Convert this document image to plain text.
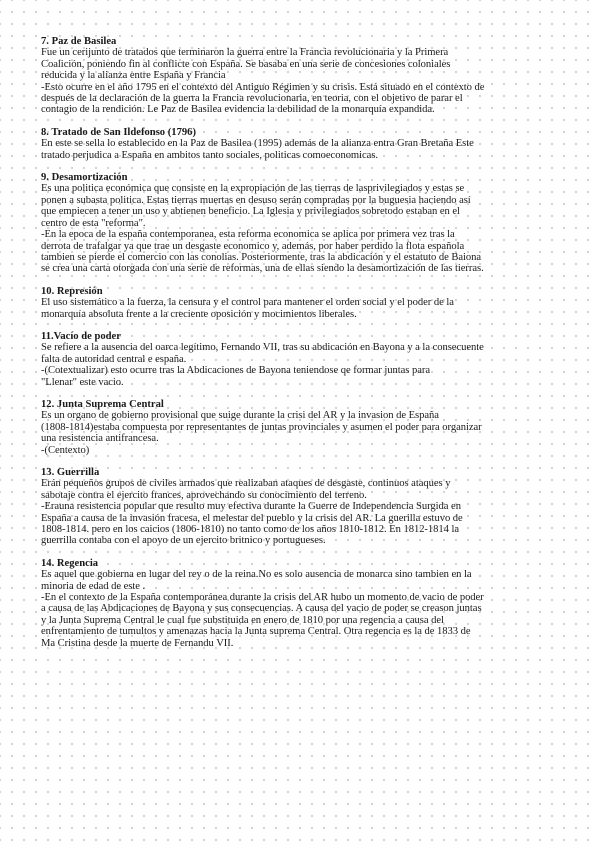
7. Paz de Basilea
Fue un cerijunto de tratados que terminaron la guerra entre la Francia revolucionaria y la Primera
Coalición, poniendo fin al conflicte con España. Se basaba en una serie de concesiones coloniales
reducida y la alianza entre España y Francia
-Esto ocurre en el año 1795 en el contexto del Antiguo Régimen y su crisis. Está situado en el contexto de
después de la declaración de la guerra la Francia revolucionaria, en teoria, con el objetivo de parar el
contagio de la rendición. Le Paz de Basilea evidencia la debilidad de la monarquía expandida.
8. Tratado de San Ildefonso (1796)
En este se sella lo establecido en la Paz de Basilea (1995) además de la alianza entra Gran Bretaña Este
tratado perjudica a España en ambitos tanto sociales, politicas comoeconomicas.
9. Desamortización
Es una politica económica que consiste en la expropiación de las tierras de lasprivilegiados y estas se
ponen a subasta politica. Estas tierras muertas en desuso serán compradas por la buguesia haciendo así
que empiecen a tener un uso y abtienen beneficio. La Iglesia y privilegiados sobretodo estaban en el
centro de esta "reforma".
-En la epoca de la españa contemporanea, esta reforma economica se aplica por primera vez tras la
derrota de trafalgar ya que trae un desgaste economico y, además, por haber perdido la flota española
tambien se pierde el comercio con las conolias. Posteriormente, tras la abdicación y el estatuto de Baiona
se crea una carta otorgada con una serie de reformas, una de ellas siendo la desamortización de las tierras.
10. Represión
El uso sistemático a la fuerza, la censura y el control para mantener el orden social y el poder de la
monarquía absoluta frente a la creciente oposición y mocimientos liberales.
11.Vacío de poder
Se refiere a la ausencia del oarca legítimo, Fernando VII, tras su abdicación en Bayona y a la consecuente
falta de autoridad central e españa.
-(Cotextualizar) esto ocurre tras la Abdicaciones de Bayona teniendose qe formar juntas para
"Llenar" este vacio.
12. Junta Suprema Central
Es un organo de gobierno provisional que suige durante la crisi del AR y la invasion de España
(1808-1814)estaba compuesta por representantes de juntas provinciales y asumen el poder para organizar
una resistencia antifrancesa.
-(Centexto)
13. Guerrilla
Erán pequeños grupos de civiles armados que realizaban ataques de desgaste, continuos ataques y
sabotaje contra el ejercito frances, aprovechando su conocimiento del terreno.
-Erauna resistencia popular que resulto muy efectiva durante la Guerre de Independencia Surgida en
España a causa de la invasión fracesa, el melestar del pueblo y la crisis del AR. La guerilla estuvo de
1808-1814. pero en los caicios (1806-1810) no tanto como de los años 1810-1812. En 1812-1814 la
guerrilla contaba con el apoyo de un ejercito britnico y portugueses.
14. Regencia
Es aquel que gobierna en lugar del rey o de la reina.No es solo ausencia de monarca sino tambien en la
minoria de edad de este .
-En el contexto de la España contemporánea durante la crisis del AR hubo un momento de vacio de poder
a causa de las Abdicaciones de Bayona y sus consecuencias. A causa del vacio de poder se creason juntas
y la Junta Suprema Central le cual fue substituida en enero de 1810 por una regencia a causa del
enfrentamiento de tumultos y amenazas hacia la Junta suprema Central. Otra regencia es la de 1833 de
Ma Cristina desde la muerte de Fernandu VII.
